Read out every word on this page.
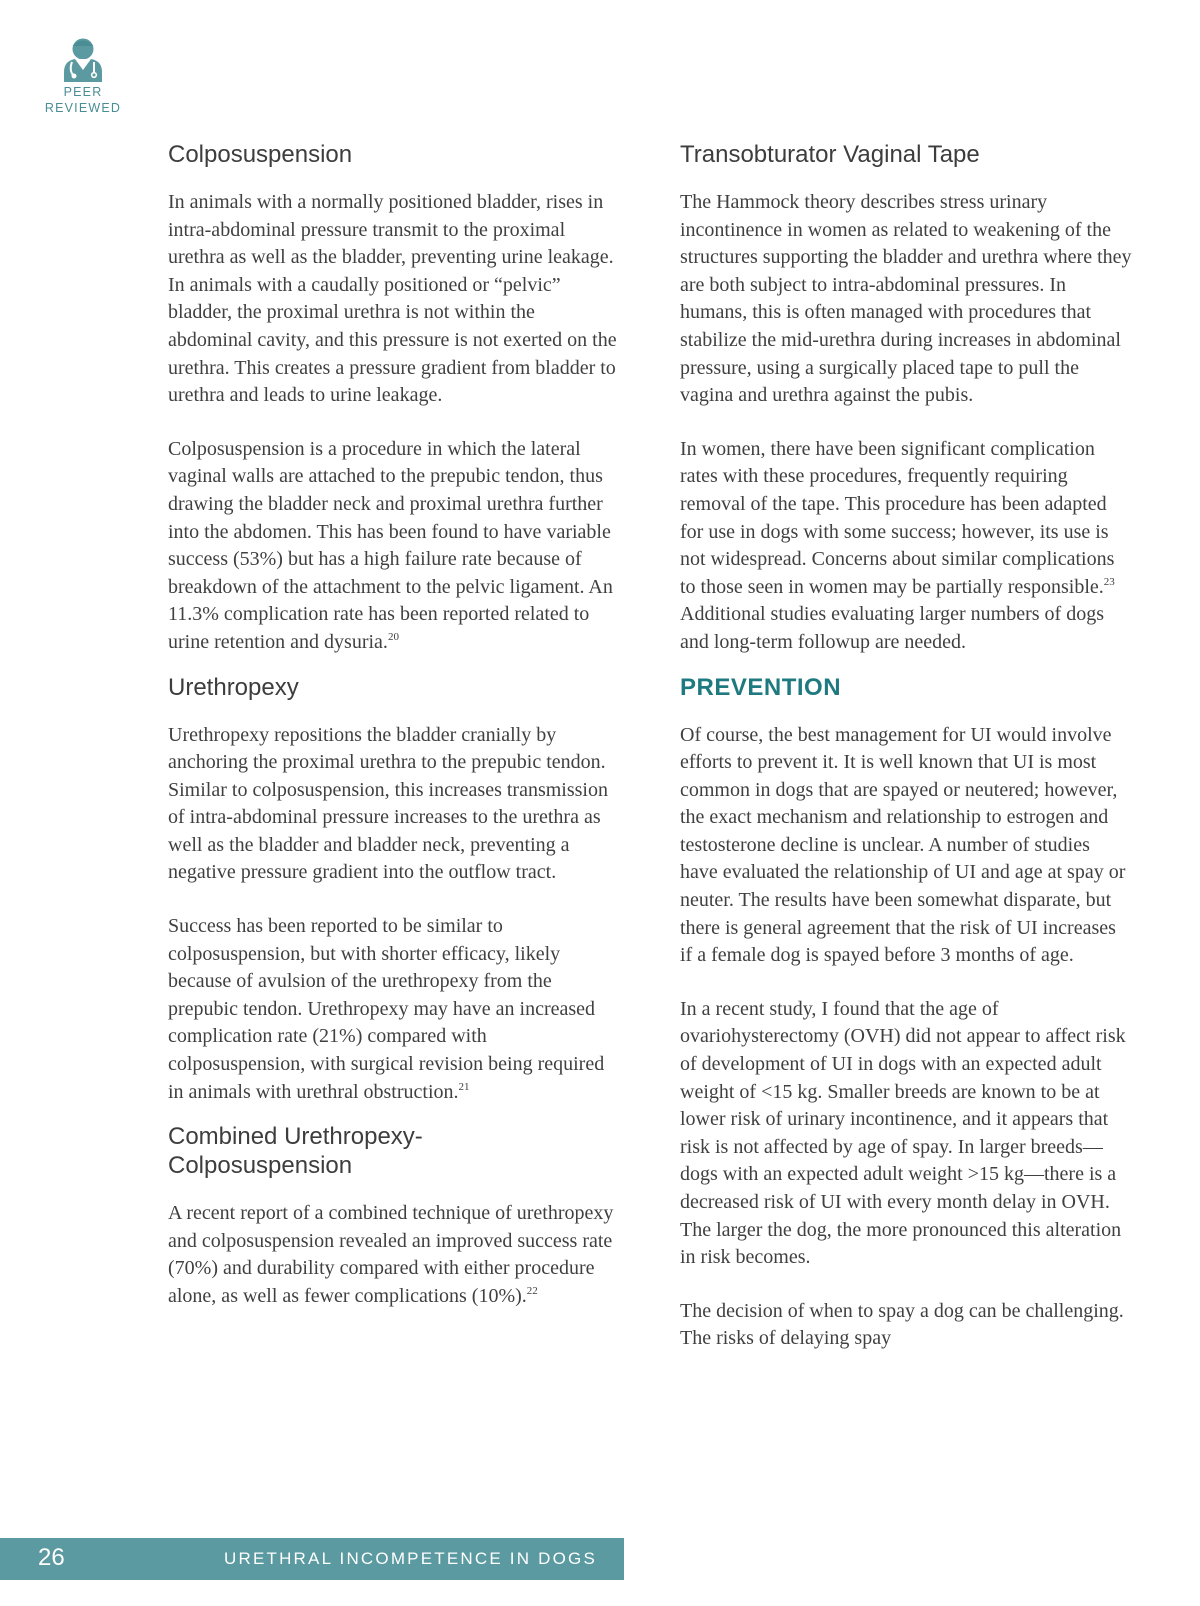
PEER
REVIEWED
Colposuspension

In animals with a normally positioned bladder, rises in intra-abdominal pressure transmit to the proximal urethra as well as the bladder, preventing urine leakage. In animals with a caudally positioned or “pelvic” bladder, the proximal urethra is not within the abdominal cavity, and this pressure is not exerted on the urethra. This creates a pressure gradient from bladder to urethra and leads to urine leakage.

Colposuspension is a procedure in which the lateral vaginal walls are attached to the prepubic tendon, thus drawing the bladder neck and proximal urethra further into the abdomen. This has been found to have variable success (53%) but has a high failure rate because of breakdown of the attachment to the pelvic ligament. An 11.3% complication rate has been reported related to urine retention and dysuria.$^{20}$

Urethropexy

Urethropexy repositions the bladder cranially by anchoring the proximal urethra to the prepubic tendon. Similar to colposuspension, this increases transmission of intra-abdominal pressure increases to the urethra as well as the bladder and bladder neck, preventing a negative pressure gradient into the outflow tract.

Success has been reported to be similar to colposuspension, but with shorter efficacy, likely because of avulsion of the urethropexy from the prepubic tendon. Urethropexy may have an increased complication rate (21%) compared with colposuspension, with surgical revision being required in animals with urethral obstruction.$^{21}$

Combined Urethropexy-
Colposuspension

A recent report of a combined technique of urethropexy and colposuspension revealed an improved success rate (70%) and durability compared with either procedure alone, as well as fewer complications (10%).$^{22}$

Transobturator Vaginal Tape

The Hammock theory describes stress urinary incontinence in women as related to weakening of the structures supporting the bladder and urethra where they are both subject to intra-abdominal pressures. In humans, this is often managed with procedures that stabilize the mid-urethra during increases in abdominal pressure, using a surgically placed tape to pull the vagina and urethra against the pubis.

In women, there have been significant complication rates with these procedures, frequently requiring removal of the tape. This procedure has been adapted for use in dogs with some success; however, its use is not widespread. Concerns about similar complications to those seen in women may be partially responsible.$^{23}$ Additional studies evaluating larger numbers of dogs and long-term followup are needed.

PREVENTION

Of course, the best management for UI would involve efforts to prevent it. It is well known that UI is most common in dogs that are spayed or neutered; however, the exact mechanism and relationship to estrogen and testosterone decline is unclear. A number of studies have evaluated the relationship of UI and age at spay or neuter. The results have been somewhat disparate, but there is general agreement that the risk of UI increases if a female dog is spayed before 3 months of age.

In a recent study, I found that the age of ovariohysterectomy (OVH) did not appear to affect risk of development of UI in dogs with an expected adult weight of <15 kg. Smaller breeds are known to be at lower risk of urinary incontinence, and it appears that risk is not affected by age of spay. In larger breeds—dogs with an expected adult weight >15 kg—there is a decreased risk of UI with every month delay in OVH. The larger the dog, the more pronounced this alteration in risk becomes.

The decision of when to spay a dog can be challenging. The risks of delaying spay

26	URETHRAL INCOMPETENCE IN DOGS
